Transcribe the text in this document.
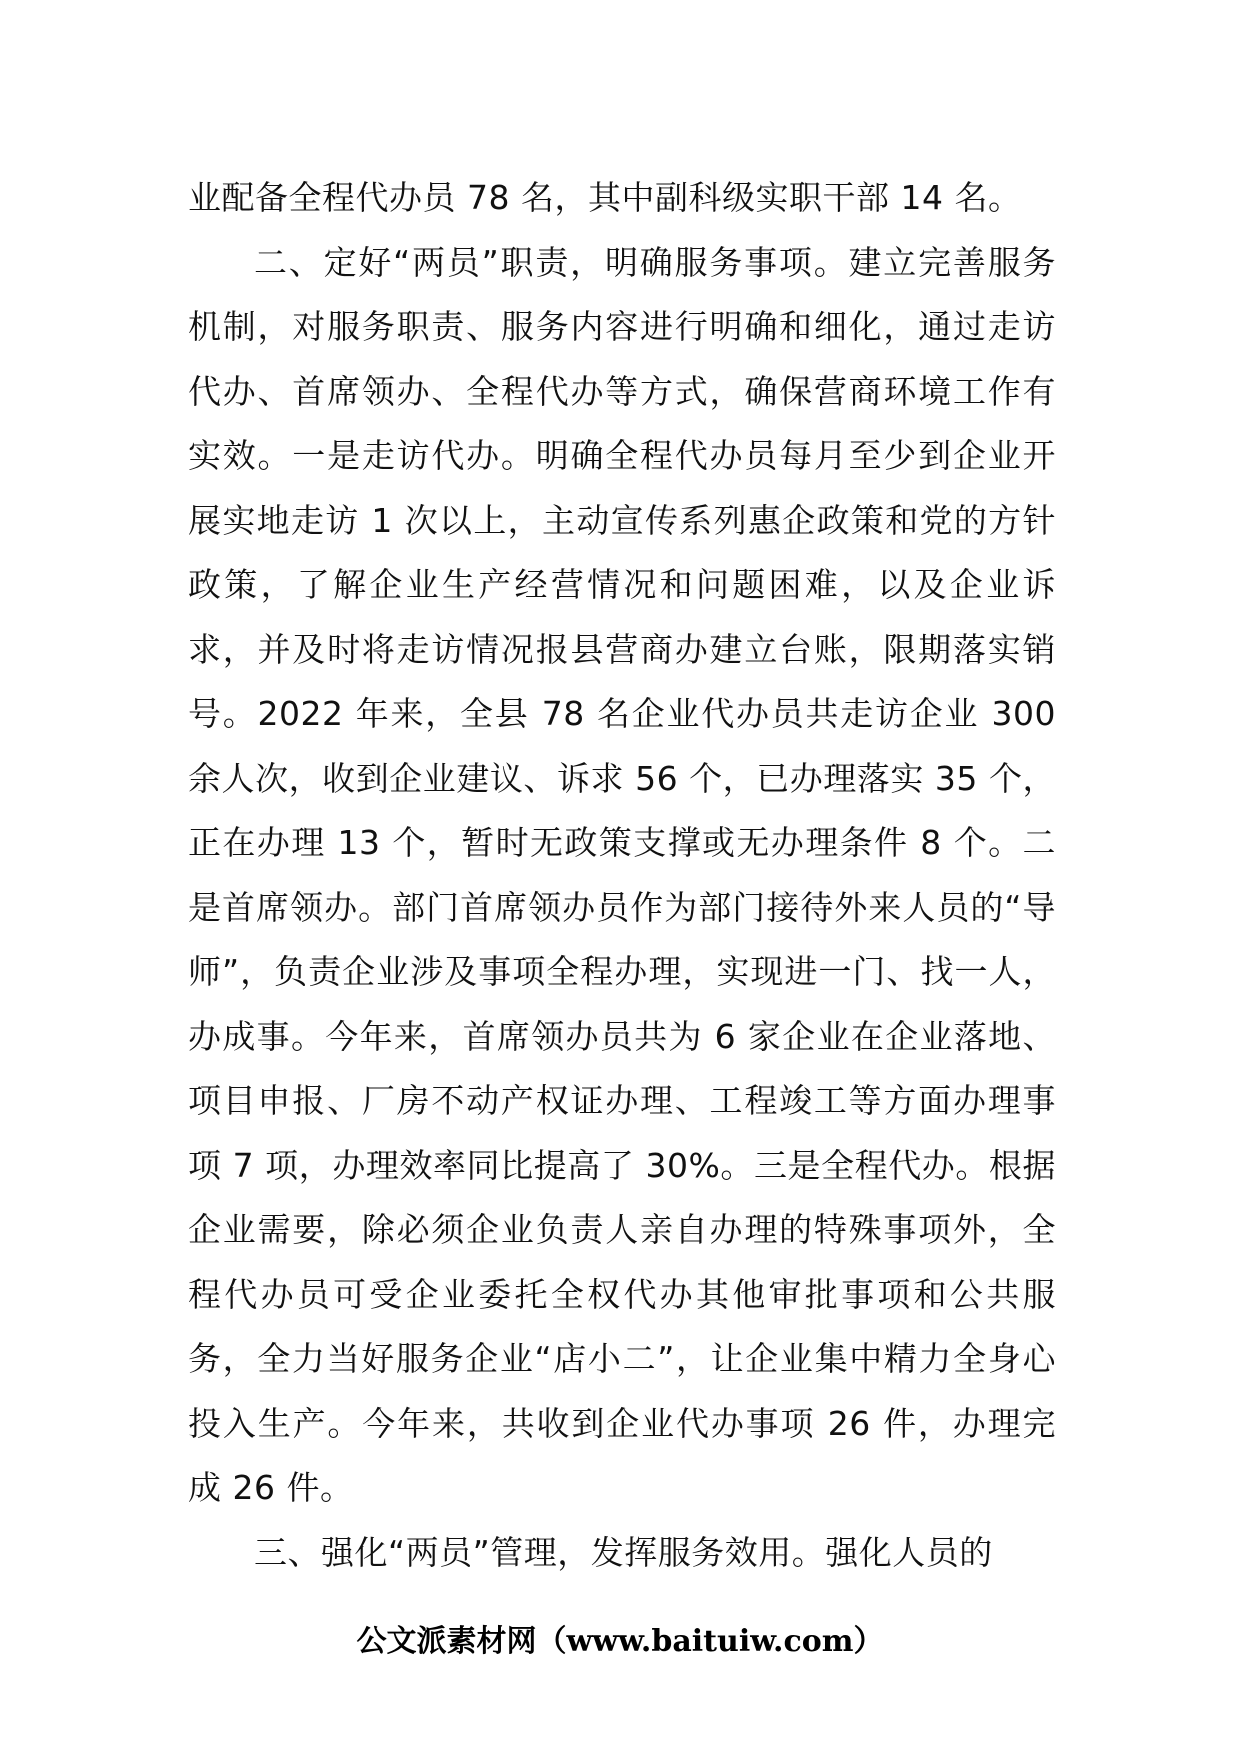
业配备全程代办员 78 名，其中副科级实职干部 14 名。

二、定好“两员”职责，明确服务事项。建立完善服务机制，对服务职责、服务内容进行明确和细化，通过走访代办、首席领办、全程代办等方式，确保营商环境工作有实效。一是走访代办。明确全程代办员每月至少到企业开展实地走访 1 次以上，主动宣传系列惠企政策和党的方针政策，了解企业生产经营情况和问题困难，以及企业诉求，并及时将走访情况报县营商办建立台账，限期落实销号。2022 年来，全县 78 名企业代办员共走访企业 300 余人次，收到企业建议、诉求 56 个，已办理落实 35 个，正在办理 13 个，暂时无政策支撑或无办理条件 8 个。二是首席领办。部门首席领办员作为部门接待外来人员的“导师”，负责企业涉及事项全程办理，实现进一门、找一人，办成事。今年来，首席领办员共为 6 家企业在企业落地、项目申报、厂房不动产权证办理、工程竣工等方面办理事项 7 项，办理效率同比提高了 30%。三是全程代办。根据企业需要，除必须企业负责人亲自办理的特殊事项外，全程代办员可受企业委托全权代办其他审批事项和公共服务，全力当好服务企业“店小二”，让企业集中精力全身心投入生产。今年来，共收到企业代办事项 26 件，办理完成 26 件。

三、强化“两员”管理，发挥服务效用。强化人员的

公文派素材网（www.baituiw.com）
